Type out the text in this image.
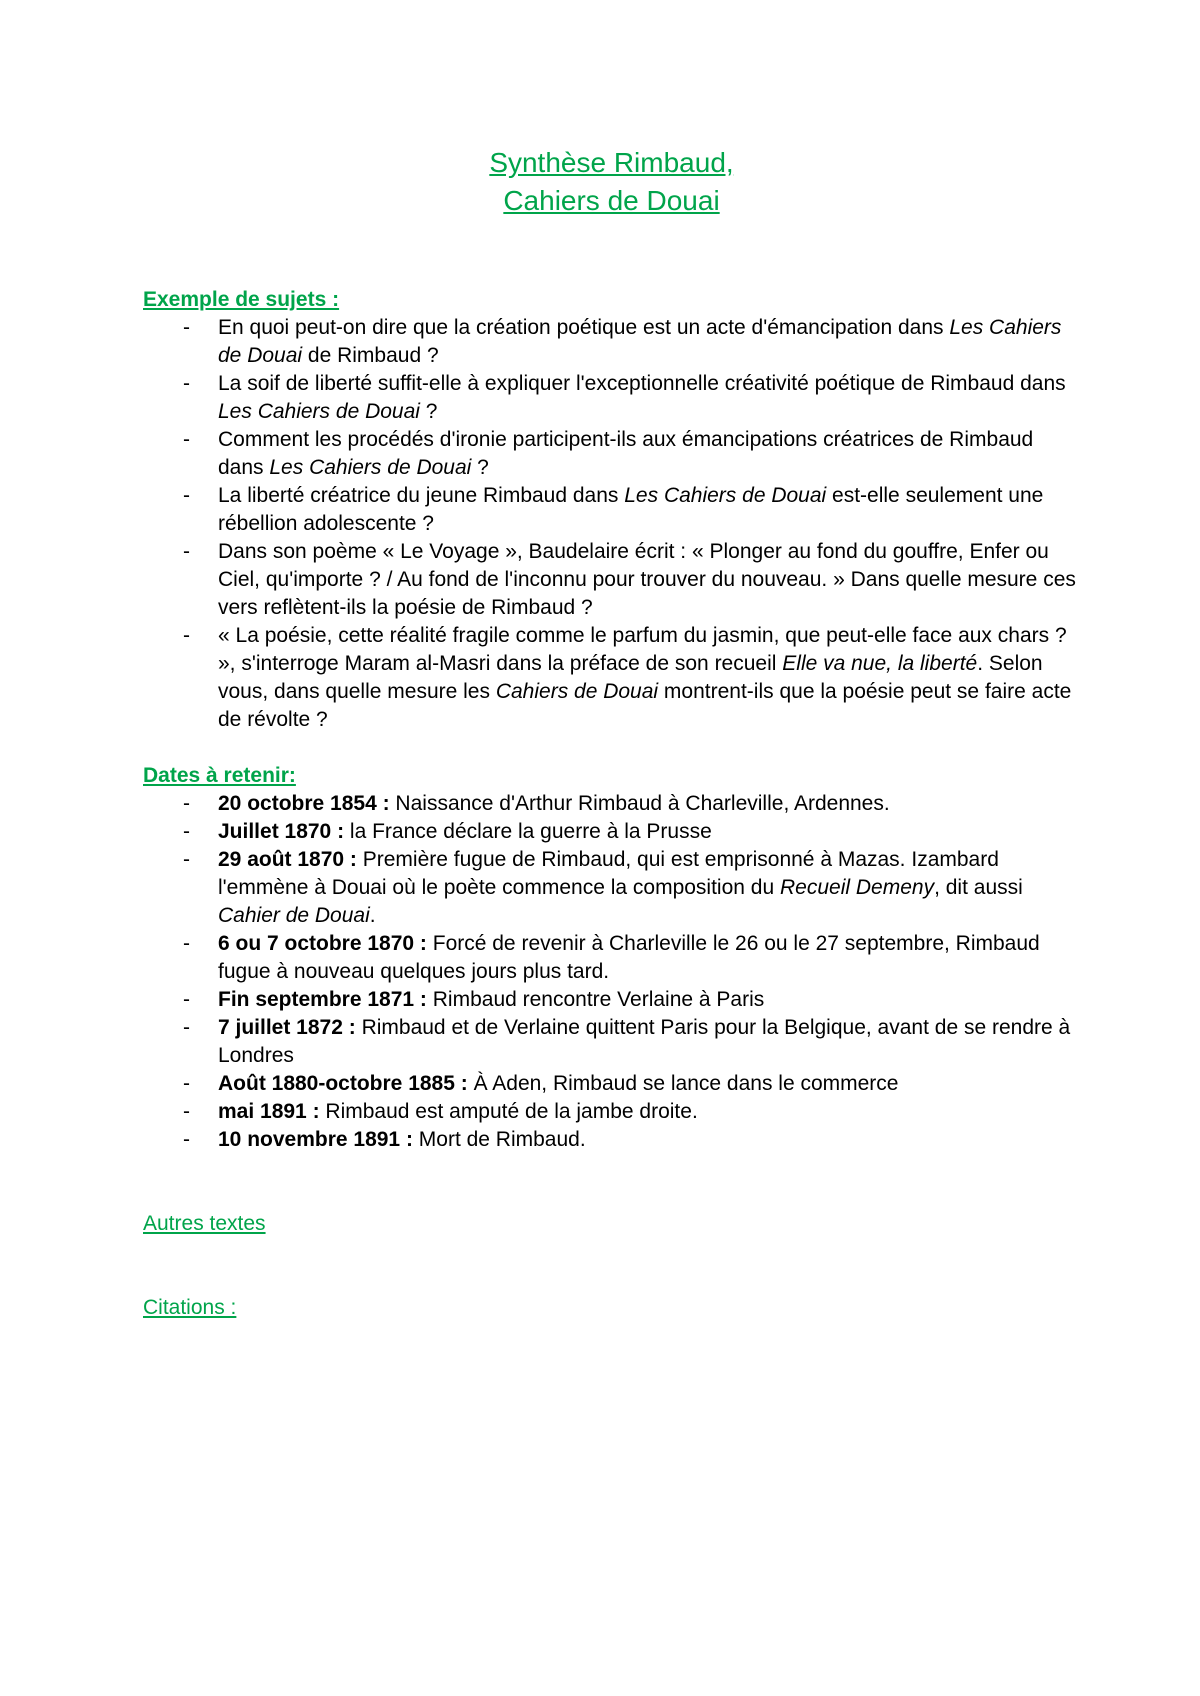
Synthèse Rimbaud,
Cahiers de Douai

Exemple de sujets :

- En quoi peut-on dire que la création poétique est un acte d'émancipation dans Les Cahiers de Douai de Rimbaud ?
- La soif de liberté suffit-elle à expliquer l'exceptionnelle créativité poétique de Rimbaud dans Les Cahiers de Douai ?
- Comment les procédés d'ironie participent-ils aux émancipations créatrices de Rimbaud dans Les Cahiers de Douai ?
- La liberté créatrice du jeune Rimbaud dans Les Cahiers de Douai est-elle seulement une rébellion adolescente ?
- Dans son poème « Le Voyage », Baudelaire écrit : « Plonger au fond du gouffre, Enfer ou Ciel, qu'importe ? / Au fond de l'inconnu pour trouver du nouveau. » Dans quelle mesure ces vers reflètent-ils la poésie de Rimbaud ?
- « La poésie, cette réalité fragile comme le parfum du jasmin, que peut-elle face aux chars ? », s'interroge Maram al-Masri dans la préface de son recueil Elle va nue, la liberté. Selon vous, dans quelle mesure les Cahiers de Douai montrent-ils que la poésie peut se faire acte de révolte ?

Dates à retenir:

- 20 octobre 1854 : Naissance d'Arthur Rimbaud à Charleville, Ardennes.
- Juillet 1870 : la France déclare la guerre à la Prusse
- 29 août 1870 : Première fugue de Rimbaud, qui est emprisonné à Mazas. Izambard l'emmène à Douai où le poète commence la composition du Recueil Demeny, dit aussi Cahier de Douai.
- 6 ou 7 octobre 1870 : Forcé de revenir à Charleville le 26 ou le 27 septembre, Rimbaud fugue à nouveau quelques jours plus tard.
- Fin septembre 1871 : Rimbaud rencontre Verlaine à Paris
- 7 juillet 1872 : Rimbaud et de Verlaine quittent Paris pour la Belgique, avant de se rendre à Londres
- Août 1880-octobre 1885 : À Aden, Rimbaud se lance dans le commerce
- mai 1891 : Rimbaud est amputé de la jambe droite.
- 10 novembre 1891 : Mort de Rimbaud.
Autres textes
Citations :
